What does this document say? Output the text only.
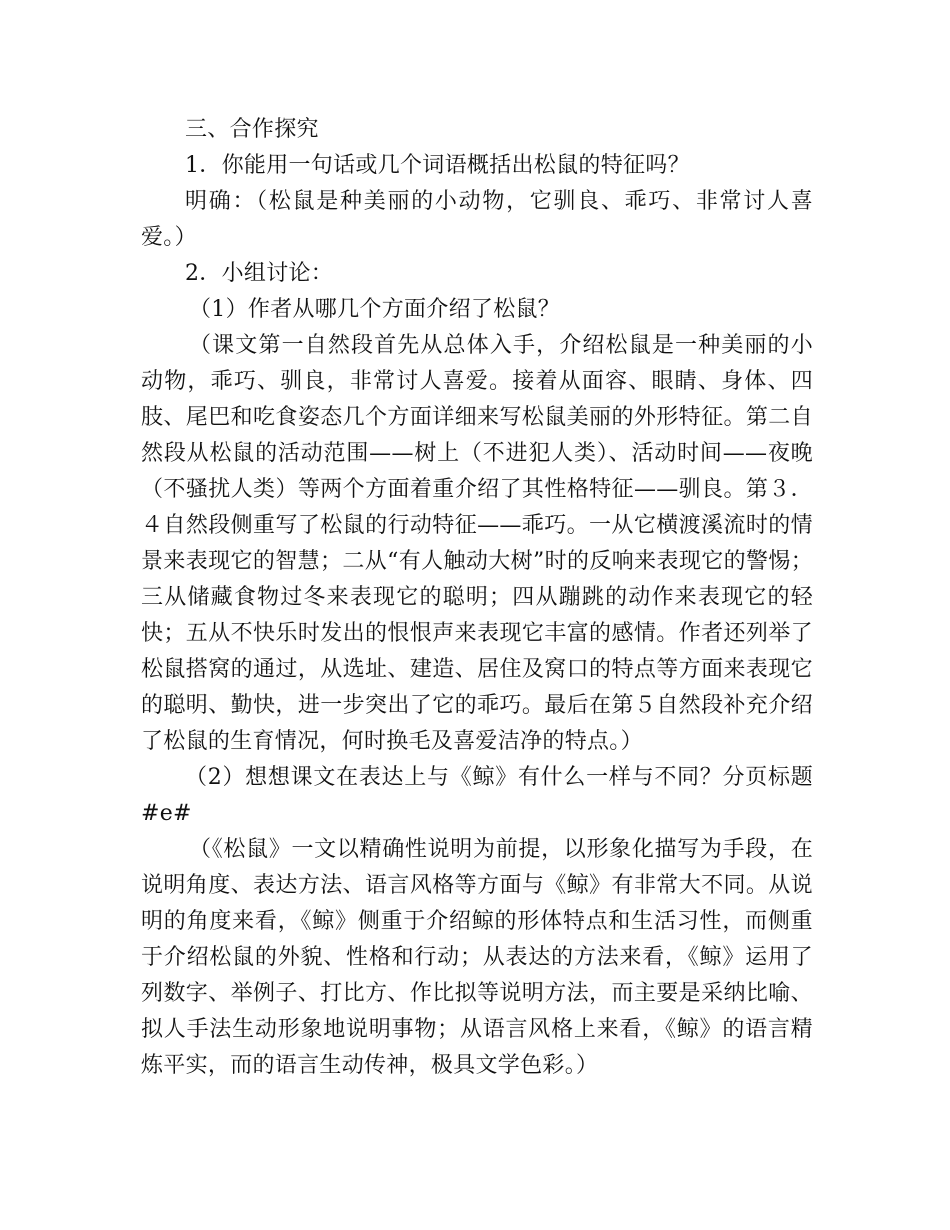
三、合作探究

1．你能用一句话或几个词语概括出松鼠的特征吗？

明确：（松鼠是种美丽的小动物，它驯良、乖巧、非常讨人喜爱。）

2．小组讨论：

（1）作者从哪几个方面介绍了松鼠？

（课文第一自然段首先从总体入手，介绍松鼠是一种美丽的小动物，乖巧、驯良，非常讨人喜爱。接着从面容、眼睛、身体、四肢、尾巴和吃食姿态几个方面详细来写松鼠美丽的外形特征。第二自然段从松鼠的活动范围——树上（不进犯人类）、活动时间——夜晚（不骚扰人类）等两个方面着重介绍了其性格特征——驯良。第３．４自然段侧重写了松鼠的行动特征——乖巧。一从它横渡溪流时的情景来表现它的智慧；二从“有人触动大树”时的反响来表现它的警惕；三从储藏食物过冬来表现它的聪明；四从蹦跳的动作来表现它的轻快；五从不快乐时发出的恨恨声来表现它丰富的感情。作者还列举了松鼠搭窝的通过，从选址、建造、居住及窝口的特点等方面来表现它的聪明、勤快，进一步突出了它的乖巧。最后在第５自然段补充介绍了松鼠的生育情况，何时换毛及喜爱洁净的特点。）

（2）想想课文在表达上与《鲸》有什么一样与不同？分页标题#e#

（《松鼠》一文以精确性说明为前提，以形象化描写为手段，在说明角度、表达方法、语言风格等方面与《鲸》有非常大不同。从说明的角度来看，《鲸》侧重于介绍鲸的形体特点和生活习性，而侧重于介绍松鼠的外貌、性格和行动；从表达的方法来看，《鲸》运用了列数字、举例子、打比方、作比拟等说明方法，而主要是采纳比喻、拟人手法生动形象地说明事物；从语言风格上来看，《鲸》的语言精炼平实，而的语言生动传神，极具文学色彩。）
